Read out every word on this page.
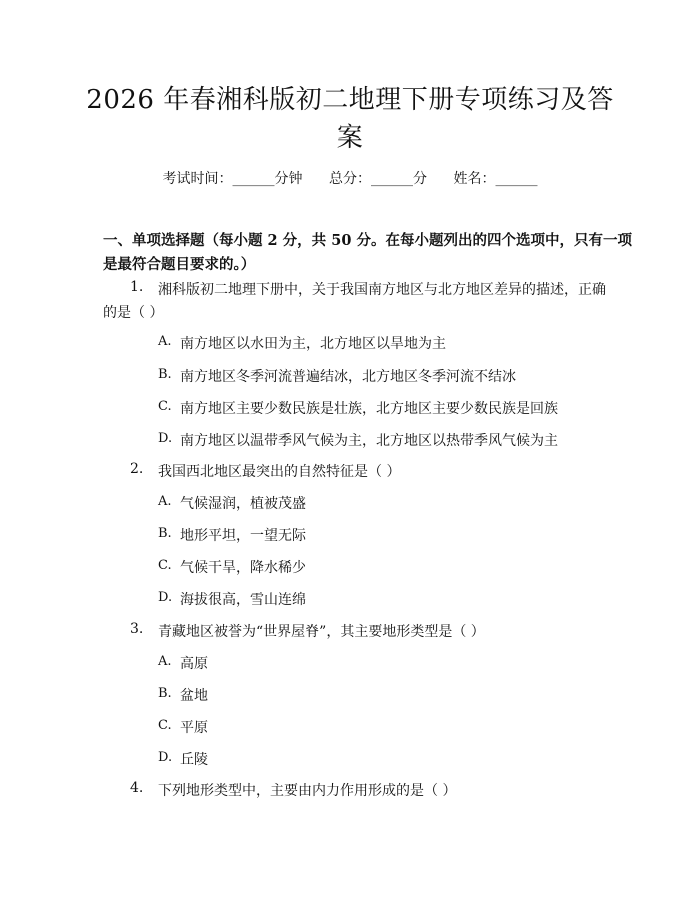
2026 年春湘科版初二地理下册专项练习及答
案
考试时间：______分钟 总分：______分 姓名：______
一、单项选择题（每小题 2 分，共 50 分。在每小题列出的四个选项中，只有一项
是最符合题目要求的。）
1. 湘科版初二地理下册中，关于我国南方地区与北方地区差异的描述，正确
的是（ ）
A. 南方地区以水田为主，北方地区以旱地为主
B. 南方地区冬季河流普遍结冰，北方地区冬季河流不结冰
C. 南方地区主要少数民族是壮族，北方地区主要少数民族是回族
D. 南方地区以温带季风气候为主，北方地区以热带季风气候为主
2. 我国西北地区最突出的自然特征是（ ）
A. 气候湿润，植被茂盛
B. 地形平坦，一望无际
C. 气候干旱，降水稀少
D. 海拔很高，雪山连绵
3. 青藏地区被誉为“世界屋脊”，其主要地形类型是（ ）
A. 高原
B. 盆地
C. 平原
D. 丘陵
4. 下列地形类型中，主要由内力作用形成的是（ ）
